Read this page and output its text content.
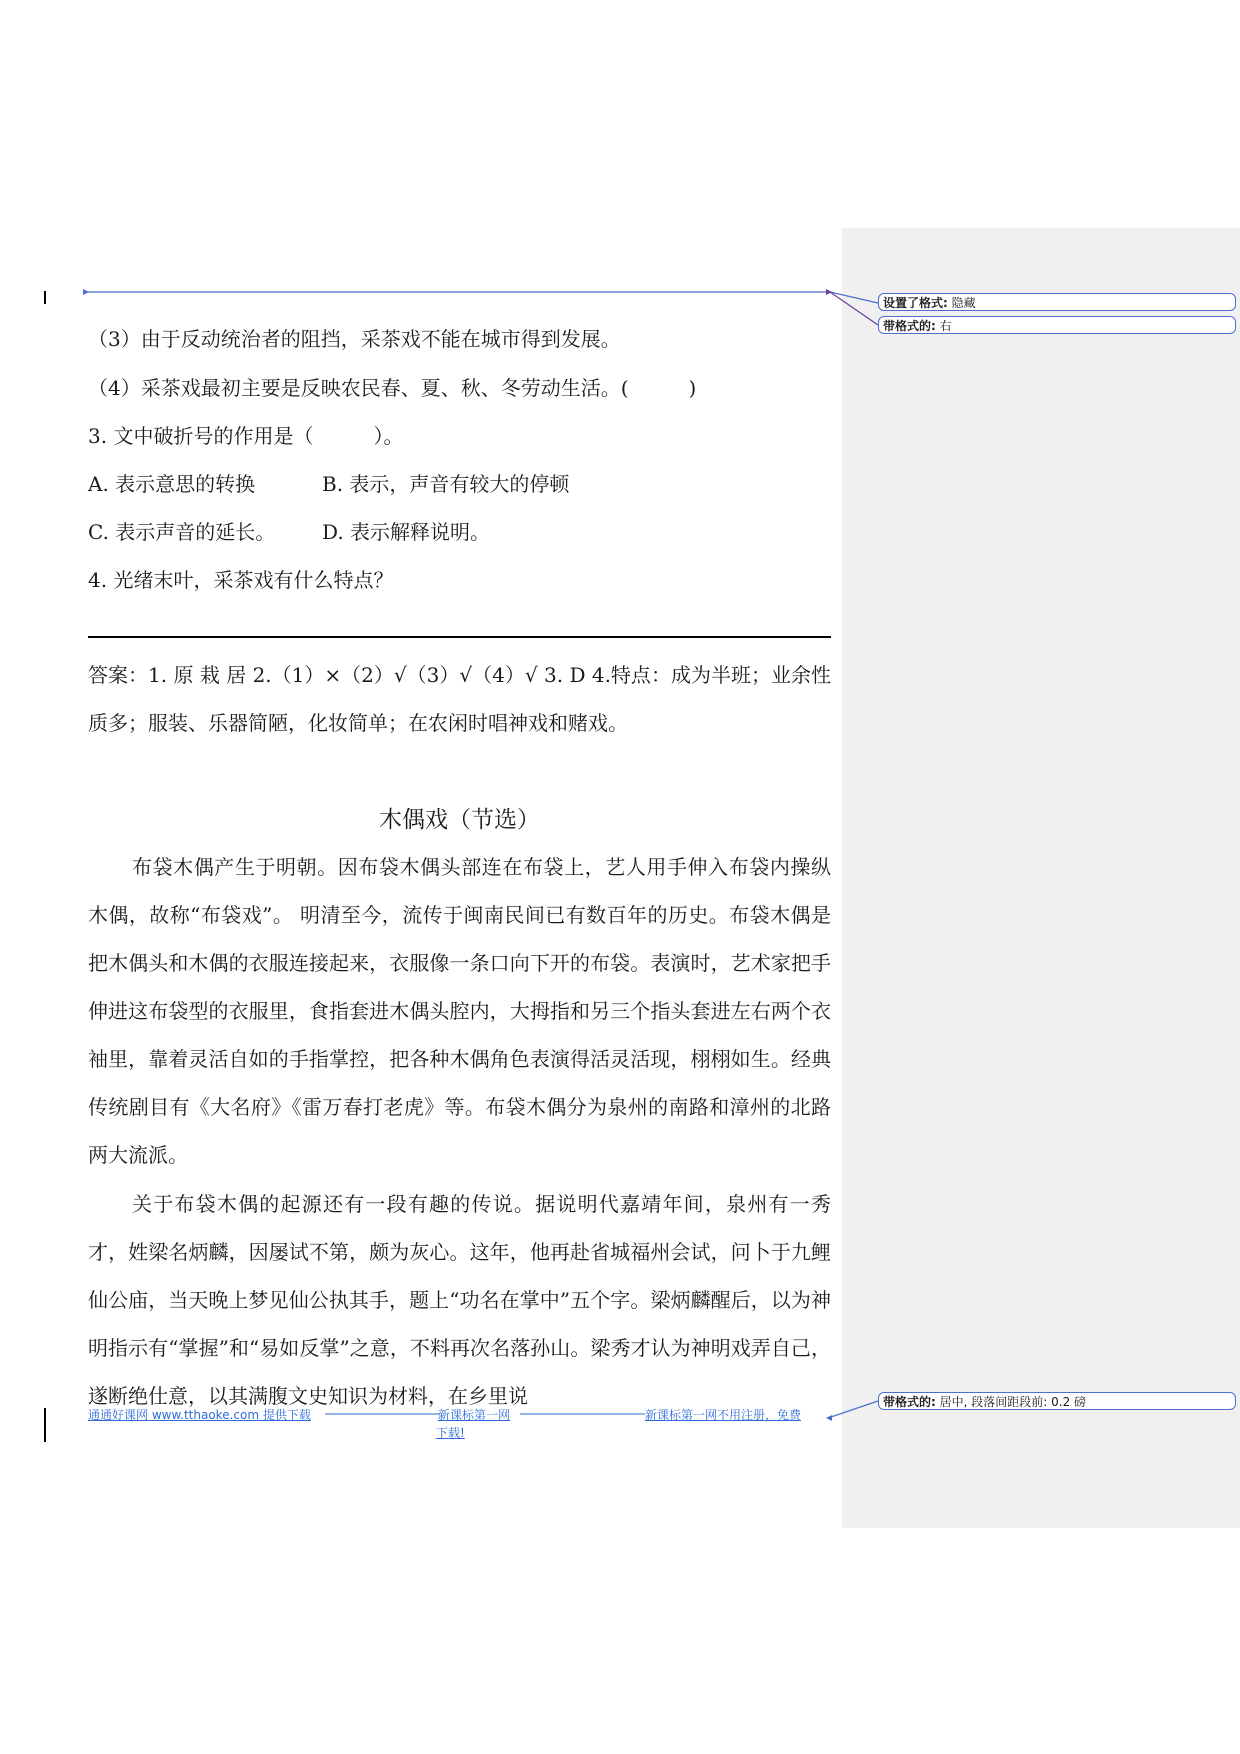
设置了格式: 隐藏
带格式的: 右
带格式的: 居中, 段落间距段前: 0.2 磅
（3）由于反动统治者的阻挡，采茶戏不能在城市得到发展。
（4）采茶戏最初主要是反映农民春、夏、秋、冬劳动生活。(　　　)
3. 文中破折号的作用是（　　　）。
A. 表示意思的转换	B. 表示，声音有较大的停顿
C. 表示声音的延长。 D. 表示解释说明。
4. 光绪末叶，采茶戏有什么特点？
答案：1. 原 栽 居 2.（1）×（2）√（3）√（4）√ 3. D 4.特点：成为半班；业余性质多；服装、乐器简陋，化妆简单；在农闲时唱神戏和赌戏。
木偶戏（节选）
布袋木偶产生于明朝。因布袋木偶头部连在布袋上，艺人用手伸入布袋内操纵木偶，故称“布袋戏”。 明清至今，流传于闽南民间已有数百年的历史。布袋木偶是把木偶头和木偶的衣服连接起来，衣服像一条口向下开的布袋。表演时，艺术家把手伸进这布袋型的衣服里，食指套进木偶头腔内，大拇指和另三个指头套进左右两个衣袖里，靠着灵活自如的手指掌控，把各种木偶角色表演得活灵活现，栩栩如生。经典传统剧目有《大名府》《雷万春打老虎》等。布袋木偶分为泉州的南路和漳州的北路两大流派。
关于布袋木偶的起源还有一段有趣的传说。据说明代嘉靖年间，泉州有一秀才，姓梁名炳麟，因屡试不第，颇为灰心。这年，他再赴省城福州会试，问卜于九鲤仙公庙，当天晚上梦见仙公执其手，题上“功名在掌中”五个字。梁炳麟醒后，以为神明指示有“掌握”和“易如反掌”之意，不料再次名落孙山。梁秀才认为神明戏弄自己，遂断绝仕意，以其满腹文史知识为材料，在乡里说
通通好课网 www.tthaoke.com 提供下载	新课标第一网
下载!
新课标第一网不用注册，免费
